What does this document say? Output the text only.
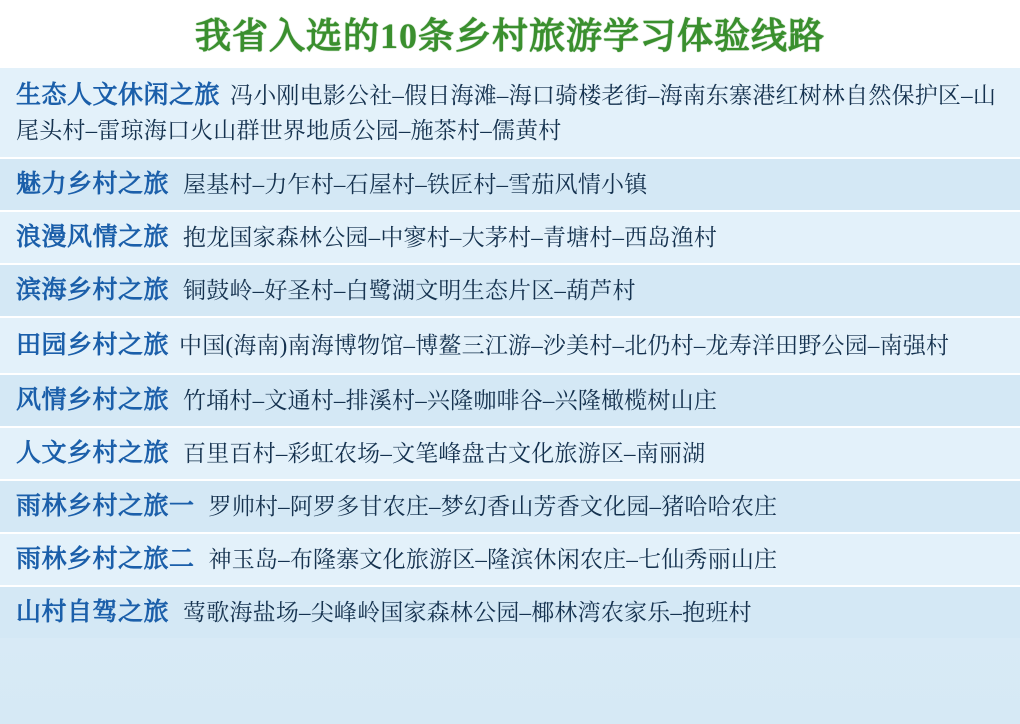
我省入选的10条乡村旅游学习体验线路
生态人文休闲之旅 冯小刚电影公社–假日海滩–海口骑楼老街–海南东寨港红树林自然保护区–山尾头村–雷琼海口火山群世界地质公园–施茶村–儒黄村
魅力乡村之旅 屋基村–力乍村–石屋村–铁匠村–雪茄风情小镇
浪漫风情之旅 抱龙国家森林公园–中寥村–大茅村–青塘村–西岛渔村
滨海乡村之旅 铜鼓岭–好圣村–白鹭湖文明生态片区–葫芦村
田园乡村之旅 中国(海南)南海博物馆–博鳌三江游–沙美村–北仍村–龙寿洋田野公园–南强村
风情乡村之旅 竹埇村–文通村–排溪村–兴隆咖啡谷–兴隆橄榄树山庄
人文乡村之旅 百里百村–彩虹农场–文笔峰盘古文化旅游区–南丽湖
雨林乡村之旅一 罗帅村–阿罗多甘农庄–梦幻香山芳香文化园–猪哈哈农庄
雨林乡村之旅二 神玉岛–布隆寨文化旅游区–隆滨休闲农庄–七仙秀丽山庄
山村自驾之旅 莺歌海盐场–尖峰岭国家森林公园–椰林湾农家乐–抱班村
